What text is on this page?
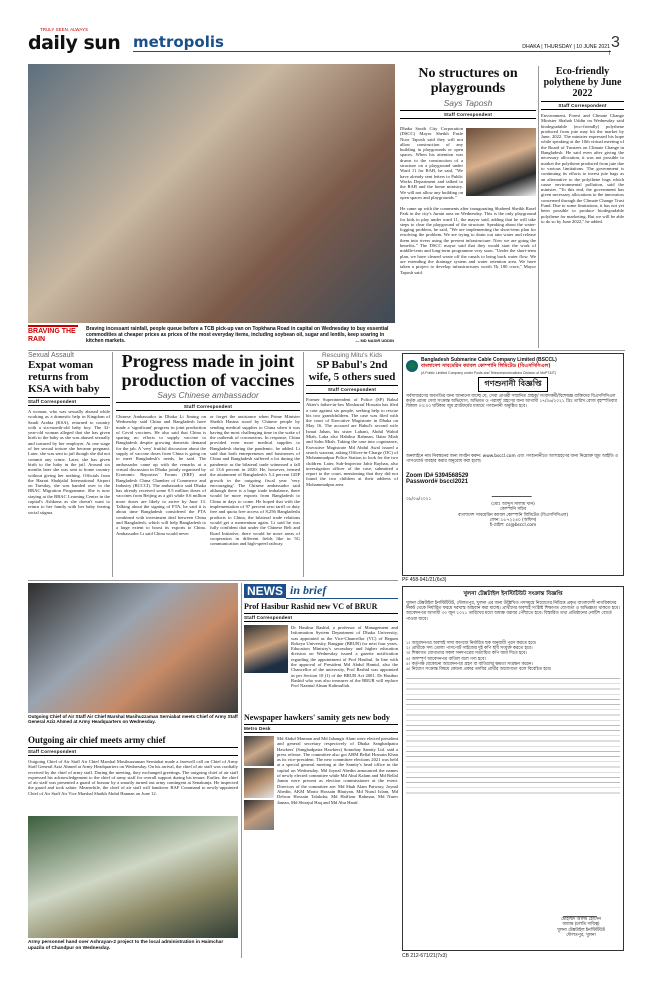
daily sun
TRULY SEEN. ALWAYS
metropolis	DHAKA | THURSDAY | 10 JUNE 2021 |
3
BRAVING THE RAIN
Braving incessant rainfall, people queue before a TCB pick-up van on Topkhana Road in capital on Wednesday to buy essential commodities at cheaper prices as prices of the most everyday items, including soybean oil, sugar and lentils, keep soaring in kitchen markets.	— MD NASIR UDDIN
No structures on playgrounds
Says Taposh
Staff Correspondent
Dhaka South City Corporation (DSCC) Mayor Sheikh Fazle Noor Taposh said they will not allow construction of any building in playgrounds or open spaces. When his attention was drawn to the construction of a structure on a playground under Ward 11 for RAB, he said, "We have already sent letters to Public Works Department and talked to the RAB and the home ministry. We will not allow any building on open spaces and playgrounds."
He came up with the comments after inaugurating Shaheed Sheikh Rasel Park in the city's Jurain area on Wednesday. This is the only playground for kids to play under ward 11, the mayor said, adding that he will take steps to clear the playground of the structure. Speaking about the water-logging problem, he said, "We are implementing the short-term plan for resolving the problem. We are trying to drain out rain water and release them into rivers using the present infrastructure. Now we are going the benefits." The DSCC mayor said that they would start the work of middle-term and long-term programme very soon. "Under the short-term plan, we have cleared waste off the canals to bring back water flow. We are extending the drainage system and water retention area. We have taken a project to develop infrastructures worth Tk 180 crore," Mayor Taposh said.
Eco-friendly polythene by June 2022
Staff Correspondent
Environment, Forest and Climate Change Minister Shahab Uddin on Wednesday said biodegradable (eco-friendly) polythene produced from jute may hit the market by June, 2022. The minister expressed his hope while speaking at the 10th virtual meeting of the Board of Trustees on Climate Change in Bangladesh. He said even after giving the necessary allocation, it was not possible to market the polythene produced from jute due to various limitations. The government is continuing its efforts to invest jute bags as an alternative to the polythene bags which cause environmental pollution, said the minister. "To this end, the government has given necessary allocations to the innovators concerned through the Climate Change Trust Fund. Due to some limitations, it has not yet been possible to produce biodegradable polythene for marketing. But we will be able to do so by June 2022," he added.
Sexual Assault
Expat woman returns from KSA with baby
Staff Correspondent
A woman, who was sexually abused while working as a domestic help in Kingdom of Saudi Arabia (KSA), returned to country with a six-month-old baby boy. The 32-year-old woman alleged that she has given birth to the baby as she was abused sexually and tortured by her employer. At one stage of her sexual torture she became pregnant. Later, she was sent to jail though she did not commit any crime. Later, she has given birth to the baby in the jail. Around six months later she was sent to home country without giving her nothing. Officials from the Hazrat Shahjalal International Airport on Tuesday, she was handed over to the BRAC Migration Programme. She is now staying at the BRAC Learning Center in the capital's Ashkona as she doesn't want to return to her family with her baby fearing social stigma.
Progress made in joint production of vaccines
Says Chinese ambassador
Staff Correspondent
Chinese Ambassador in Dhaka Li Jiming on Wednesday said China and Bangladesh have made a 'significant' progress in joint production of Covid vaccines. He also said that China is sparing no efforts to supply vaccine to Bangladesh despite growing domestic demand for the jab. A 'very' fruitful discussion about the supply of vaccine doses from China is going on to meet Bangladesh's needs, he said. The ambassador came up with the remarks at a virtual discussion in Dhaka jointly organised by Economic Reporters' Forum (ERF) and Bangladesh China Chamber of Commerce and Industry (BCCCI). The ambassador said Dhaka has already received some 0.5 million doses of vaccines from Beijing as a gift while 0.6 million more doses are likely to arrive by June 13. Talking about the signing of FTA, he said it is about time Bangladesh considered the FTA combined with investment deal between China and Bangladesh, which will help Bangladesh to a large extent to boost its exports to China. Ambassador Li said China would never
or forget the assistance when Prime Minister Sheikh Hasina stood by Chinese people by sending medical supplies to China when it was having the most challenging time in the wake of the outbreak of coronavirus. In response, China provided even more medical supplies to Bangladesh during the pandemic, he added. Li said that both entrepreneurs and businesses of China and Bangladesh suffered a lot during the pandemic as the bilateral trade witnessed a fall of 13.6 percent in 2020. He, however, termed the attainment of Bangladesh's 5.2 percent GDP growth in the outgoing fiscal year 'very encouraging'. The Chinese ambassador said although there is a huge trade imbalance, there would be more exports from Bangladesh to China in days to come. He hoped that with the implementation of 97 percent zero tariff or duty free and quota free access of 8,256 Bangladeshi products to China, the bilateral trade relations would get a momentum again. Li said he was fully confident that under the Chinese Belt and Road Initiative, there would be more areas of cooperation in different fields like in 5G communication and high-speed railway.
Rescuing Mitu's Kids
SP Babul's 2nd wife, 5 others sued
Staff Correspondent
Former Superintendent of Police (SP) Babul Akter's father-in-law Mosharraf Hossain has filed a case against six people, seeking help to rescue his two grandchildren. The case was filed with the court of Executive Magistrate in Dhaka on May 16. The accused are Babul's second wife Ismat Jahan, his sister Labani, Abdul Wahid Miah, Laba also Habibur Rahman, Iktiar Miah and Sohu Miah. Taking the case into cognisance, Executive Magistrate Md Abdul Awal issued a search warrant, asking Officer-in-Charge (OC) of Mohammadpur Police Station to look for the two children. Later, Sub-Inspector Jahir Rayhan, also investigation officer of the case, submitted a report to the court, mentioning that they did not found the two children at their address of Mohammadpur area.
Bangladesh Submarine Cable Company Limited (BSCCL)
বাংলাদেশ সাবমেরিন ক্যাবল কোম্পানি লিমিটেড (বিএসসিসিএল)
(A Public Limited Company under Posts and Telecommunications Division of MoPT&IT)
গণশুনানী বিজ্ঞপ্তি
সর্বসাধারণের অবগতির জন্য জানানো যাচ্ছে যে, সেবা প্রাপ্তরী সম্মানিত গ্রাহক/ সংবাদকর্মী/বিশেষজ্ঞ ব্যক্তিদের বিএসসিসিএল কর্তৃক প্রদেয় সেবা সংক্রান্ত অভিযোগ, অভিমত ও পরামর্শ গ্রহণের জন্য আগামী ১৭/০৬/২০২১ খ্রিঃ তারিখ রোজ বৃহস্পতিবার বিকাল ০৩:০০ ঘটিকায় জুম প্ল্যাটফর্মের মাধ্যমে গণশুনানী অনুষ্ঠিত হবে।
অনলাইনে নাম নিবন্ধনের জন্য লগইন করুন: www.bsccl.com এবং গণশুনানীতে অংশগ্রহণের জন্য নিম্নোক্ত জুম আইডি ও পাসওয়ার্ড ব্যবহার করার অনুরোধ করা হলো।
Zoom ID# 5394568529
Password# bsccl2021
০৯/০৬/২০২১
(মোঃ আব্দুস সালাম খান)
কোম্পানি সচিব
বাংলাদেশ সাবমেরিন ক্যাবল কোম্পানি লিমিটেড (বিএসসিসিএল)
ফোন: ৮৮৭২২৪০ (অফিস)
ই-মেইল: cs@bsccl.com
PF 458-941/21(6x3)
Outgoing Chief of Air Staff Air Chief Marshal Masihuzzaman Serniabat meets Chief of Army Staff General Aziz Ahmed at Army Headquarters on Wednesday.
Outgoing air chief meets army chief
Staff Correspondent
Outgoing Chief of Air Staff Air Chief Marshal Masihuzzaman Serniabat made a farewell call on Chief of Army Staff General Aziz Ahmed at Army Headquarters on Wednesday. On his arrival, the chief of air staff was cordially received by the chief of army staff. During the meeting, they exchanged greetings. The outgoing chief of air staff expressed his acknowledgement to the chief of army staff for overall support during his tenure. Earlier, the chief of air staff was presented a guard of honour by a smartly turned out army contingent at Senakunja. He inspected the guard and took salute. Meanwhile, the chief of air staff will handover BAF Command to newly-appointed Chief of Air Staff Air Vice Marshal Shaikh Abdul Hannan on June 12.
Army personnel hand over Ashrayan-2 project to the local administration in Haimchar upazila of Chandpur on Wednesday.
NEWS in brief
Prof Hasibur Rashid new VC of BRUR
Staff Correspondent
Dr Hasibur Rashid, a professor of Management and Information System Department of Dhaka University, was appointed as the Vice-Chancellor (VC) of Begum Rokeya University, Rangpur (BRUR) for next four years. Education Ministry's secondary and higher education division on Wednesday issued a gazette notification regarding the appointment of Prof Hasibul. In line with the approval of President Md Abdul Hamid, also the Chancellor of the university, Prof Rashid was appointed as per Section 10 (1) of the BRUR Act 2001. Dr Hasibur Rashid who was also treasurer of the BRUR will replace Prof Nazmul Ahsan Kalimullah.
Newspaper hawkers' samity gets new body
Metro Desk
Md Abdul Mannan and Md Jahangir Alam were elected president and general secretary respectively of Dhaka Sangbadpatra Hawkers' (Sangbadpatra Hawkers) Somobay Samity Ltd. said a press release. The committee also got ABM Bellal Hossain Khan as its vice-president. The new committee elections 2021 was held at a special general meeting at the Samity's head office in the capital on Wednesday. Md Joynal Abedin announced the names of newly elected committee while Md Abul Kalam and Md Bellal Jamin were present as election commissioner at the event. Directors of the committee are: Md Shah Alam Patwary, Joynal Abedin, AKM Monir Hossain Bhuiyan, Md Nurul Islam, Md Delwar Hossain Talukdar, Md Haffizur Rahman, Md Nurer Jaman, Md Shirajul Haq and Md Abu Hanif.
খুলনা টেক্সটাইল ইনস্টিটিউট সংক্রান্ত বিজ্ঞপ্তি
খুলনা টেক্সটাইল ইনস্টিটিউট, দৌলতপুর, খুলনা এর জন্য উল্লিখিত পদসমূহে নিয়োগের নিমিত্তে প্রকৃত বাংলাদেশী নাগরিকদের নিকট থেকে নির্ধারিত ফরমে দরখাস্ত আহবান করা যাচ্ছে। প্রার্থীদের অবশ্যই সংশ্লিষ্ট শিক্ষাগত যোগ্যতা ও অভিজ্ঞতা থাকতে হবে। আবেদনপত্র আগামী ৩০ জুন ২০২১ তারিখের মধ্যে অধ্যক্ষ বরাবর পৌঁছাতে হবে। বিস্তারিত তথ্য প্রতিষ্ঠানের নোটিশ বোর্ডে পাওয়া যাবে।
১। আবেদনপত্র অবশ্যই সাদা কাগজে নির্ধারিত ছক অনুযায়ী পূরণ করতে হবে।
২। প্রার্থীকে সদ্য তোলা পাসপোর্ট সাইজের দুই কপি ছবি সংযুক্ত করতে হবে।
৩। শিক্ষাগত যোগ্যতার সকল সনদপত্রের সত্যায়িত কপি জমা দিতে হবে।
৪। অসম্পূর্ণ আবেদনপত্র বাতিল বলে গণ্য হবে।
৫। কর্তৃপক্ষ যেকোনো আবেদনপত্র গ্রহণ বা বাতিলের ক্ষমতা সংরক্ষণ করেন।
৬। নিয়োগ সংক্রান্ত বিষয়ে কোনো প্রকার তদবির প্রার্থীর অযোগ্যতা বলে বিবেচিত হবে।
মোহাম্মদ আলম হোসেন
অধ্যক্ষ (চলতি দায়িত্ব)
খুলনা টেক্সটাইল ইনস্টিটিউট
দৌলতপুর, খুলনা
CB 212-671/21(7x3)
